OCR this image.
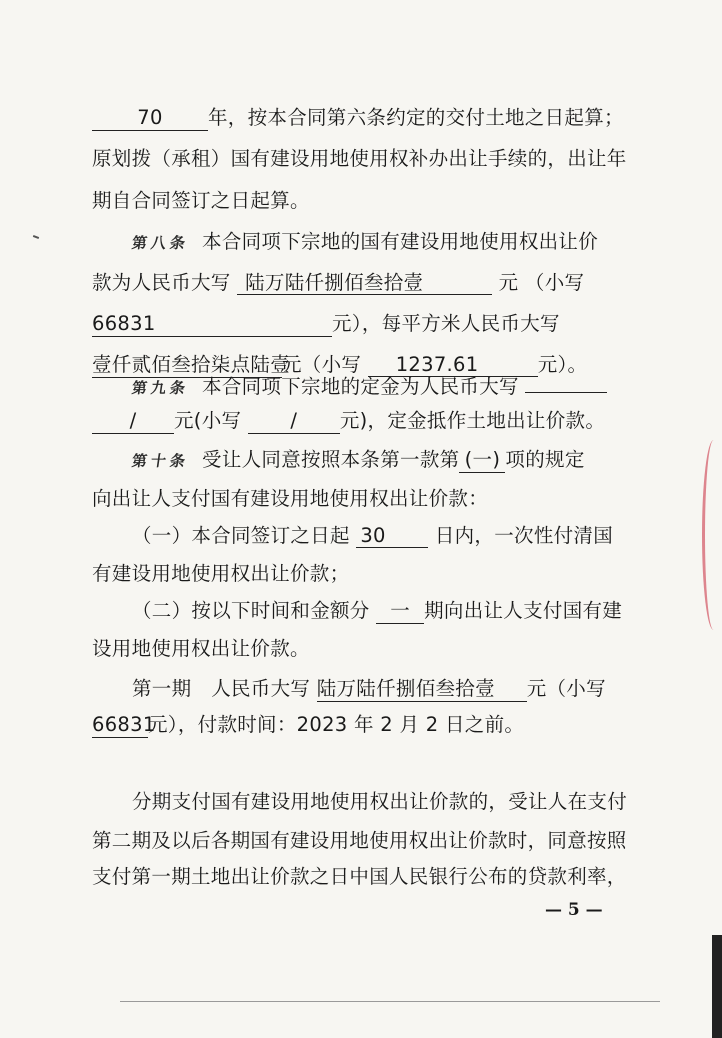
70 年，按本合同第六条约定的交付土地之日起算；
原划拨（承租）国有建设用地使用权补办出让手续的，出让年
期自合同签订之日起算。
第八条 本合同项下宗地的国有建设用地使用权出让价
款为人民币大写 陆万陆仟捌佰叁拾壹	元 （小写
66831	元），每平方米人民币大写
壹仟贰佰叁拾柒点陆壹元（小写 1237.61	元）。
第九条 本合同项下宗地的定金为人民币大写
/ 元(小写	/ 元)，定金抵作土地出让价款。
第十条 受让人同意按照本条第一款第 (一) 项的规定
向出让人支付国有建设用地使用权出让价款：
（一）本合同签订之日起 30	日内，一次性付清国
有建设用地使用权出让价款；
（二）按以下时间和金额分 一 期向出让人支付国有建
设用地使用权出让价款。
第一期　人民币大写 陆万陆仟捌佰叁拾壹 元（小写
66831元），付款时间：2023 年 2 月 2 日之前。
分期支付国有建设用地使用权出让价款的，受让人在支付
第二期及以后各期国有建设用地使用权出让价款时，同意按照
支付第一期土地出让价款之日中国人民银行公布的贷款利率，
— 5 —
